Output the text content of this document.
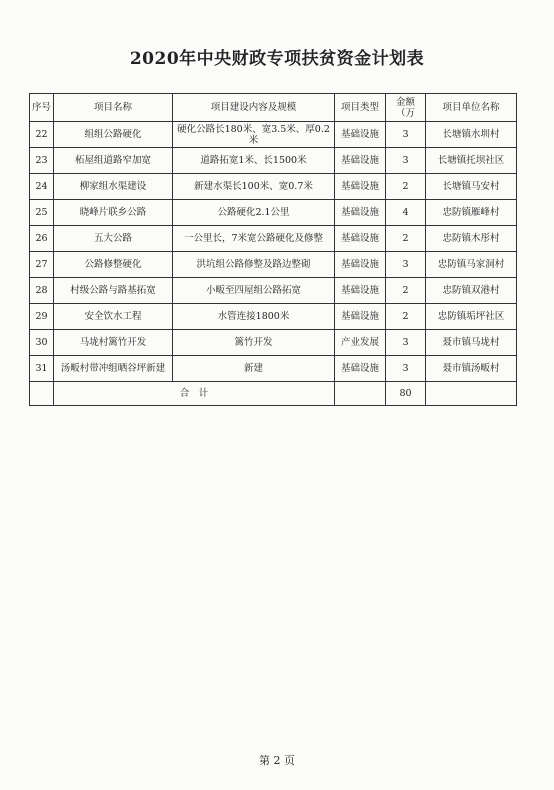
2020年中央财政专项扶贫资金计划表
序号	项目名称	项目建设内容及规模	项目类型	金额（万	项目单位名称
22	组组公路硬化	硬化公路长180米、宽3.5米、厚0.2米	基础设施	3	长塘镇水圳村
23	柘屋组道路窄加宽	道路拓宽1米、长1500米	基础设施	3	长塘镇托坝社区
24	柳家组水渠建设	新建水渠长100米、宽0.7米	基础设施	2	长塘镇马安村
25	晓峰片联乡公路	公路硬化2.1公里	基础设施	4	忠防镇雁峰村
26	五大公路	一公里长，7米宽公路硬化及修整	基础设施	2	忠防镇木彤村
27	公路修整硬化	洪坑组公路修整及路边整砌	基础设施	3	忠防镇马家洞村
28	村级公路与路基拓宽	小畈至四屋组公路拓宽	基础设施	2	忠防镇双港村
29	安全饮水工程	水管连接1800米	基础设施	2	忠防镇垢坪社区
30	马垅村篱竹开发	篱竹开发	产业发展	3	聂市镇马垅村
31	汤畈村带冲组晒谷坪新建	新建	基础设施	3	聂市镇汤畈村
	合　计			80	
第 2 页
